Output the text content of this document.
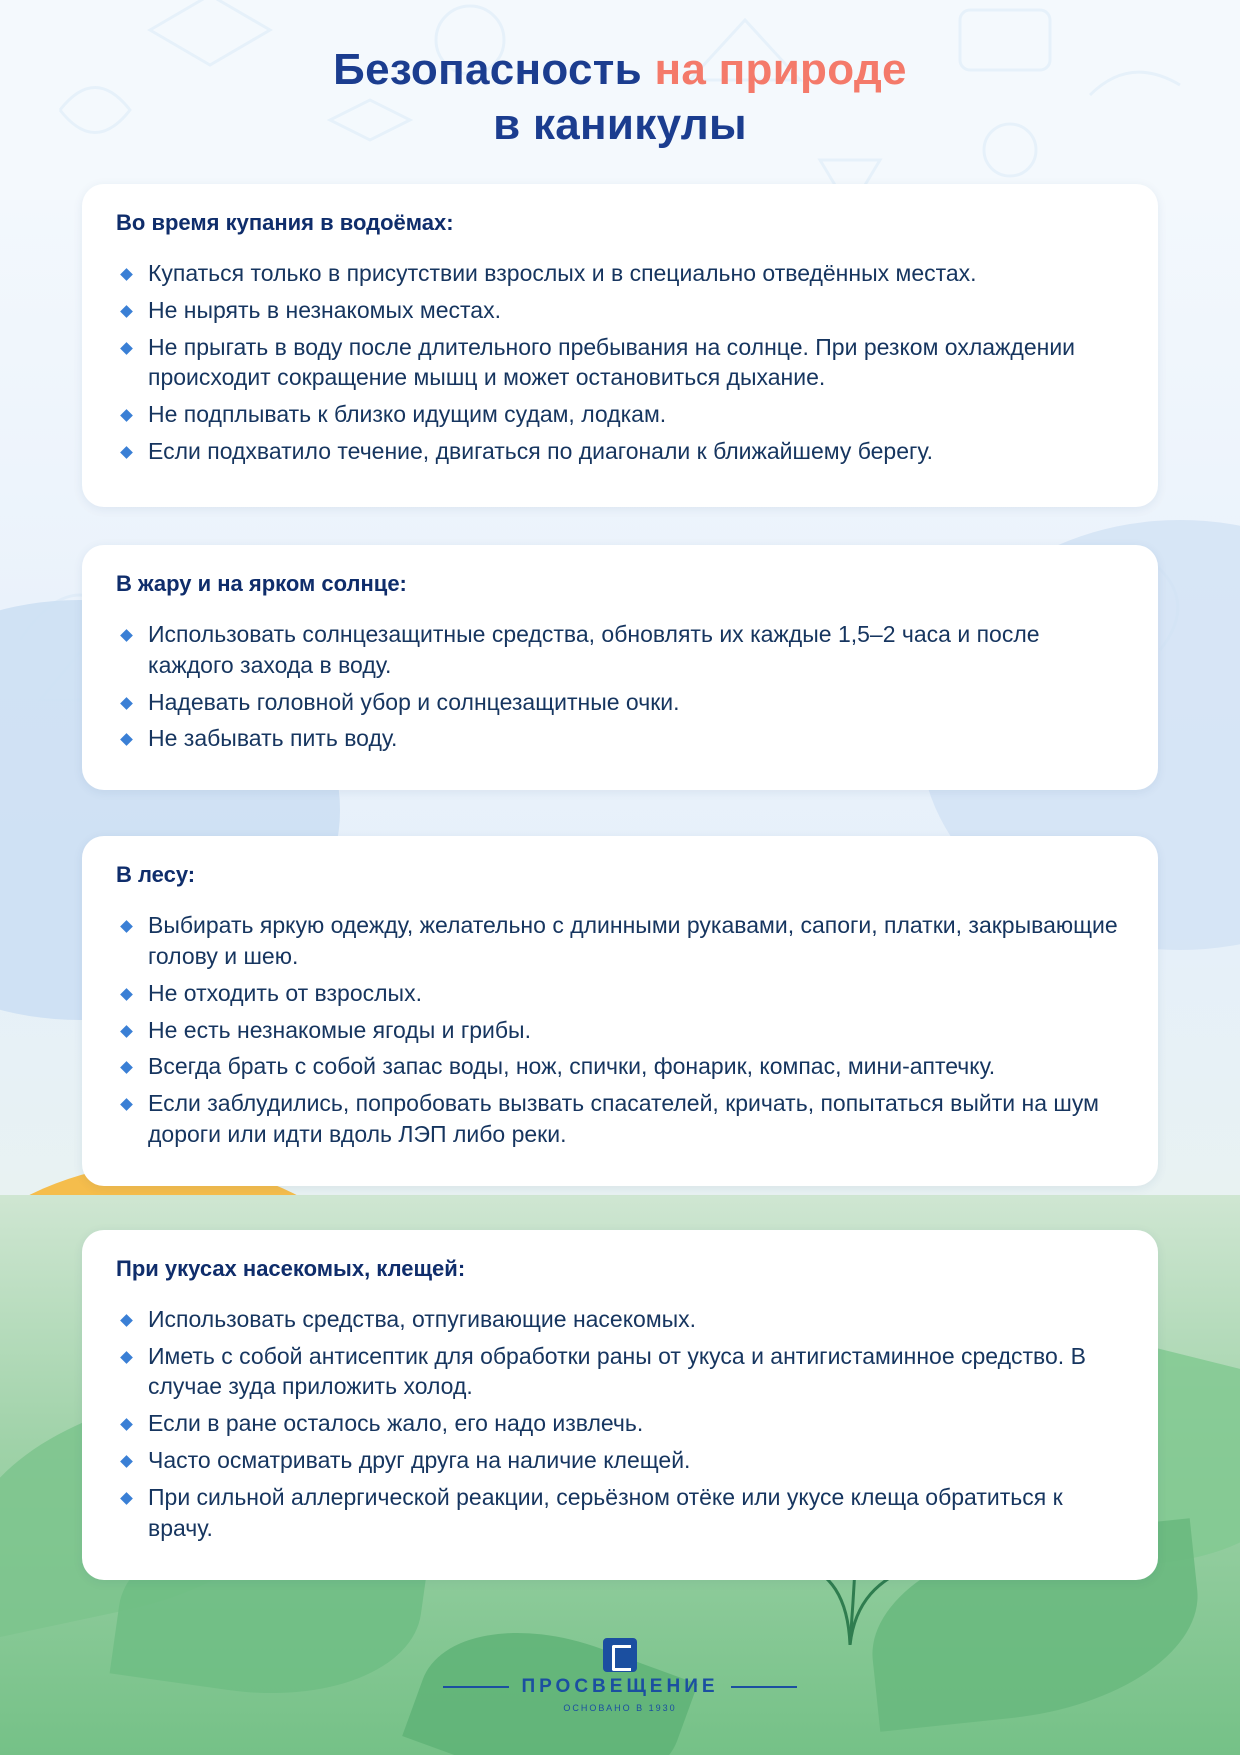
Безопасность на природе
в каникулы
Во время купания в водоёмах:
Купаться только в присутствии взрослых и в специально отведённых местах.
Не нырять в незнакомых местах.
Не прыгать в воду после длительного пребывания на солнце. При резком охлаждении происходит сокращение мышц и может остановиться дыхание.
Не подплывать к близко идущим судам, лодкам.
Если подхватило течение, двигаться по диагонали к ближайшему берегу.
В жару и на ярком солнце:
Использовать солнцезащитные средства, обновлять их каждые 1,5–2 часа и после каждого захода в воду.
Надевать головной убор и солнцезащитные очки.
Не забывать пить воду.
В лесу:
Выбирать яркую одежду, желательно с длинными рукавами, сапоги, платки, закрывающие голову и шею.
Не отходить от взрослых.
Не есть незнакомые ягоды и грибы.
Всегда брать с собой запас воды, нож, спички, фонарик, компас, мини-аптечку.
Если заблудились, попробовать вызвать спасателей, кричать, попытаться выйти на шум дороги или идти вдоль ЛЭП либо реки.
При укусах насекомых, клещей:
Использовать средства, отпугивающие насекомых.
Иметь с собой антисептик для обработки раны от укуса и антигистаминное средство. В случае зуда приложить холод.
Если в ране осталось жало, его надо извлечь.
Часто осматривать друг друга на наличие клещей.
При сильной аллергической реакции, серьёзном отёке или укусе клеща обратиться к врачу.
ПРОСВЕЩЕНИЕ
ОСНОВАНО В 1930
